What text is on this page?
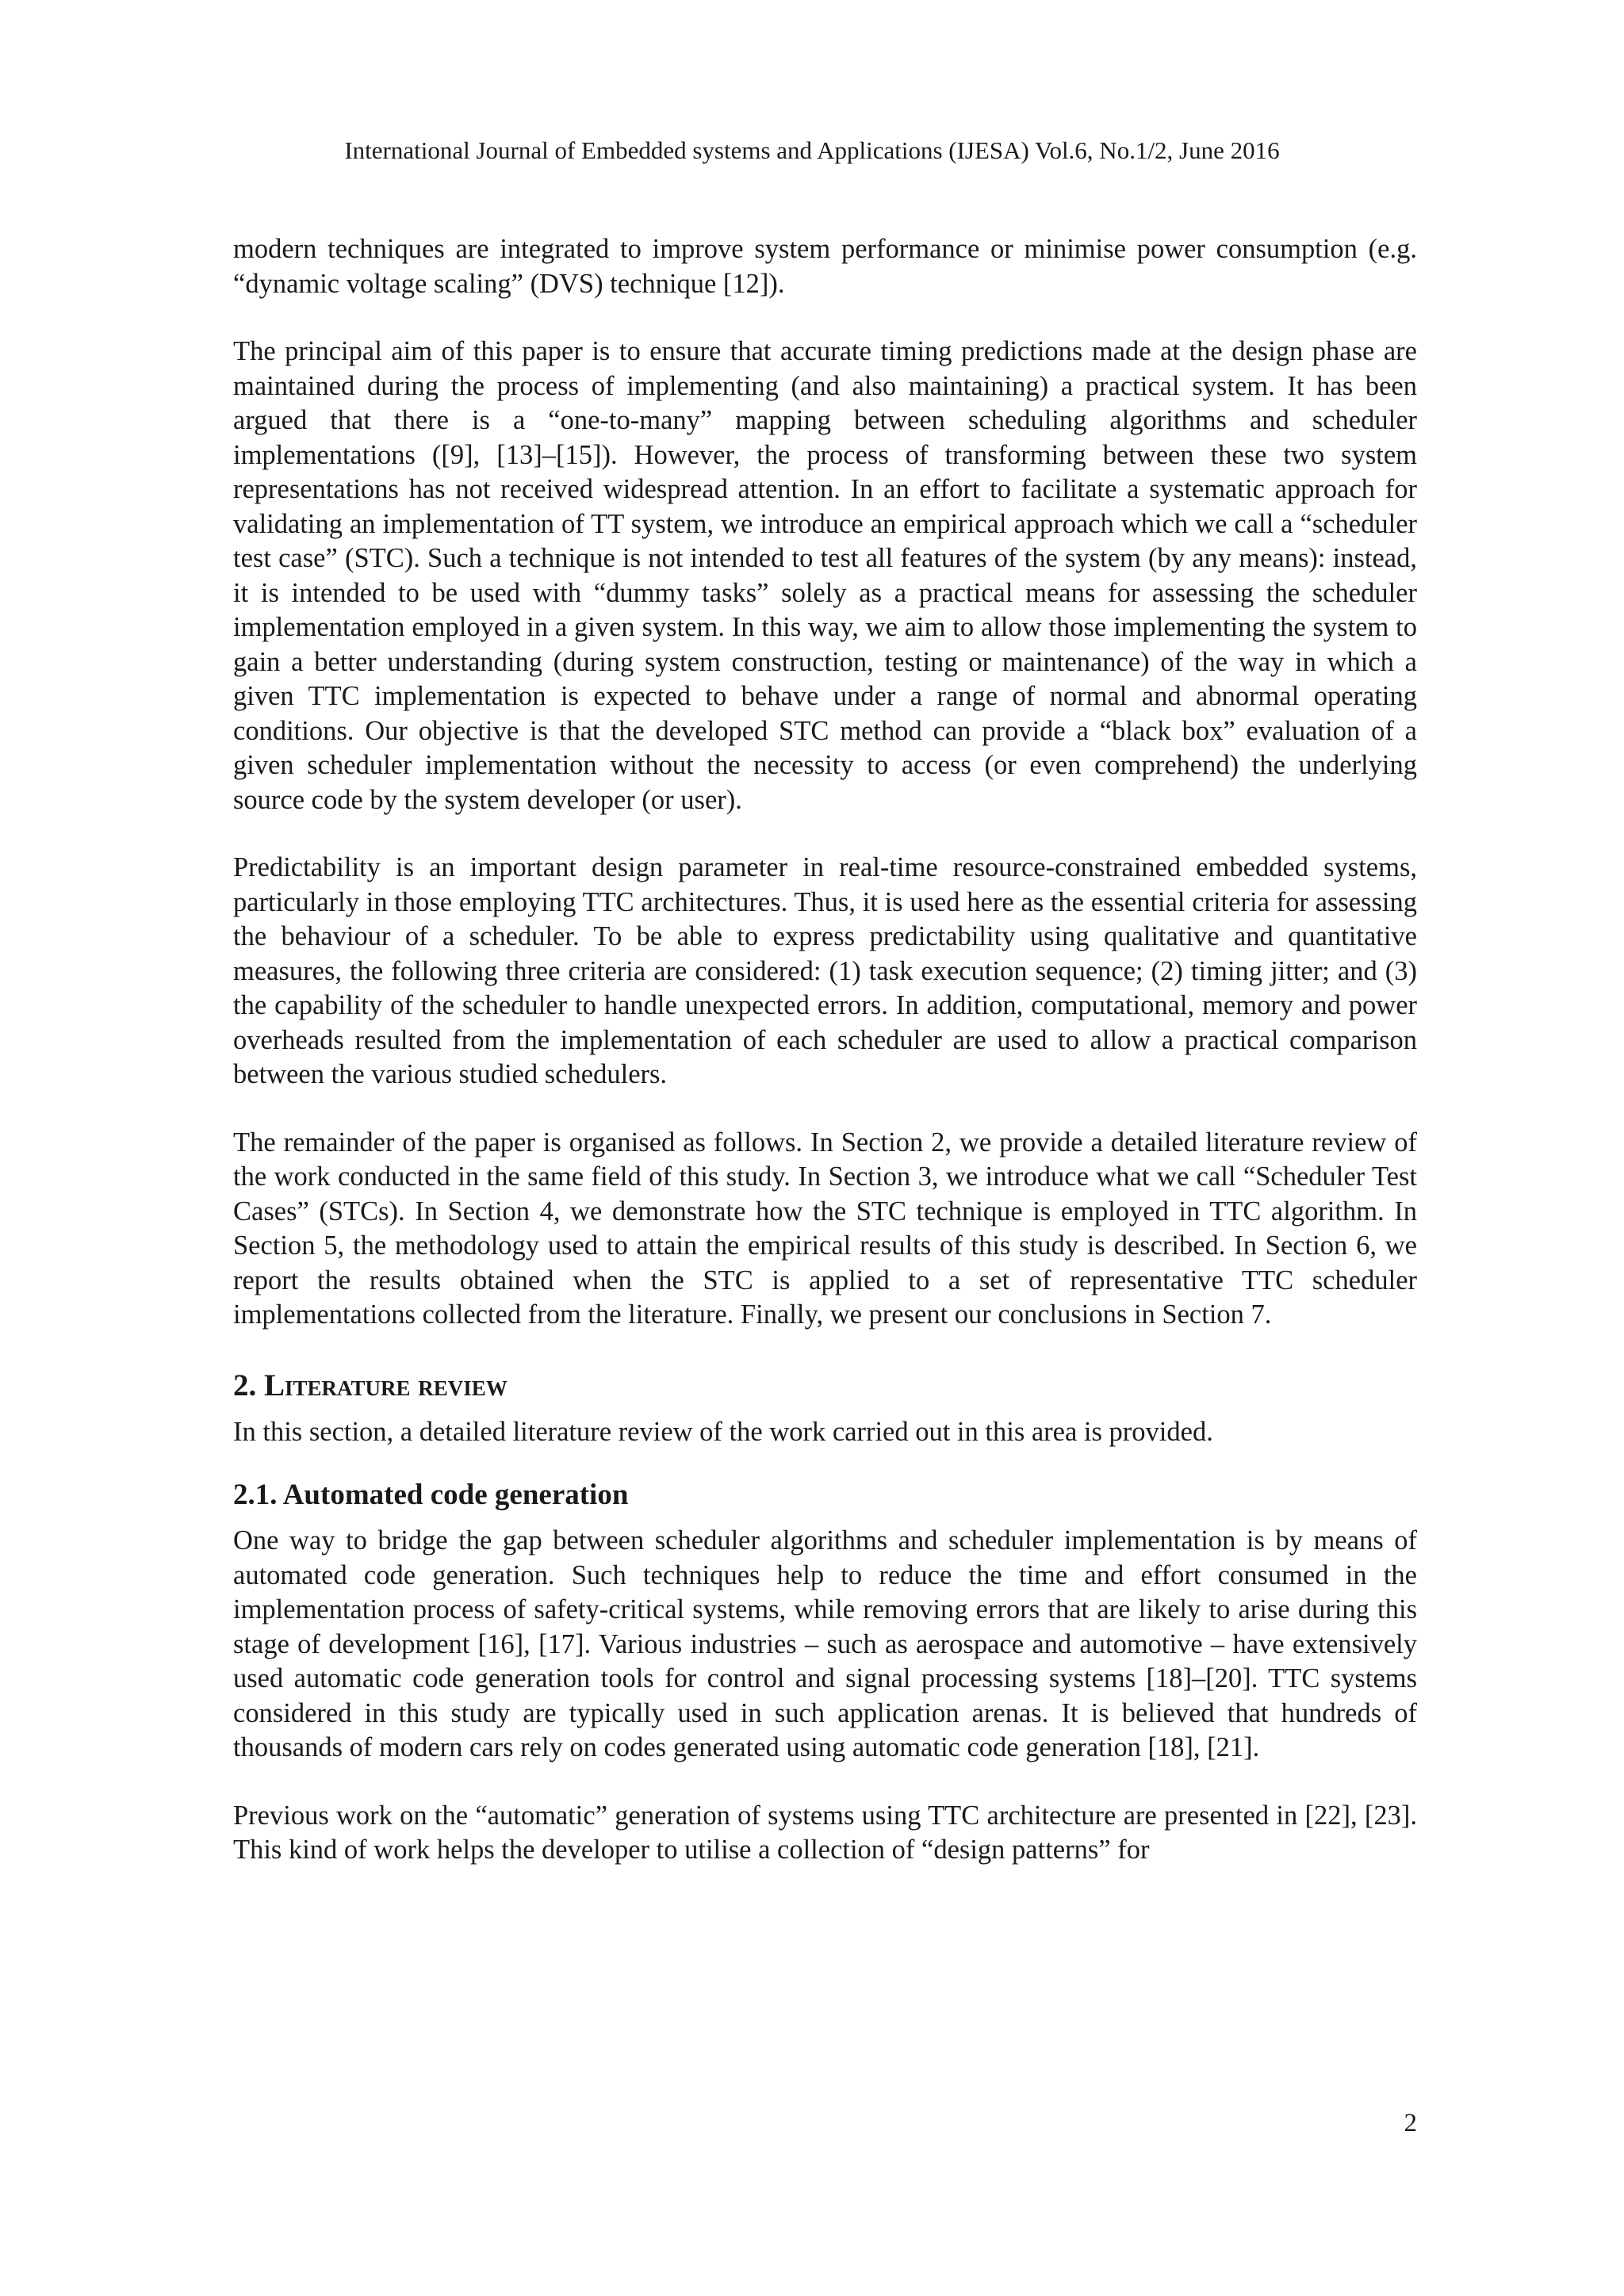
International Journal of Embedded systems and Applications (IJESA) Vol.6, No.1/2, June 2016

modern techniques are integrated to improve system performance or minimise power consumption (e.g. “dynamic voltage scaling” (DVS) technique [12]).

The principal aim of this paper is to ensure that accurate timing predictions made at the design phase are maintained during the process of implementing (and also maintaining) a practical system. It has been argued that there is a “one-to-many” mapping between scheduling algorithms and scheduler implementations ([9], [13]–[15]). However, the process of transforming between these two system representations has not received widespread attention. In an effort to facilitate a systematic approach for validating an implementation of TT system, we introduce an empirical approach which we call a “scheduler test case” (STC). Such a technique is not intended to test all features of the system (by any means): instead, it is intended to be used with “dummy tasks” solely as a practical means for assessing the scheduler implementation employed in a given system. In this way, we aim to allow those implementing the system to gain a better understanding (during system construction, testing or maintenance) of the way in which a given TTC implementation is expected to behave under a range of normal and abnormal operating conditions. Our objective is that the developed STC method can provide a “black box” evaluation of a given scheduler implementation without the necessity to access (or even comprehend) the underlying source code by the system developer (or user).

Predictability is an important design parameter in real-time resource-constrained embedded systems, particularly in those employing TTC architectures. Thus, it is used here as the essential criteria for assessing the behaviour of a scheduler. To be able to express predictability using qualitative and quantitative measures, the following three criteria are considered: (1) task execution sequence; (2) timing jitter; and (3) the capability of the scheduler to handle unexpected errors. In addition, computational, memory and power overheads resulted from the implementation of each scheduler are used to allow a practical comparison between the various studied schedulers.

The remainder of the paper is organised as follows. In Section 2, we provide a detailed literature review of the work conducted in the same field of this study. In Section 3, we introduce what we call “Scheduler Test Cases” (STCs). In Section 4, we demonstrate how the STC technique is employed in TTC algorithm. In Section 5, the methodology used to attain the empirical results of this study is described. In Section 6, we report the results obtained when the STC is applied to a set of representative TTC scheduler implementations collected from the literature. Finally, we present our conclusions in Section 7.

2. Literature review

In this section, a detailed literature review of the work carried out in this area is provided.

2.1. Automated code generation

One way to bridge the gap between scheduler algorithms and scheduler implementation is by means of automated code generation. Such techniques help to reduce the time and effort consumed in the implementation process of safety-critical systems, while removing errors that are likely to arise during this stage of development [16], [17]. Various industries – such as aerospace and automotive – have extensively used automatic code generation tools for control and signal processing systems [18]–[20]. TTC systems considered in this study are typically used in such application arenas. It is believed that hundreds of thousands of modern cars rely on codes generated using automatic code generation [18], [21].

Previous work on the “automatic” generation of systems using TTC architecture are presented in [22], [23]. This kind of work helps the developer to utilise a collection of “design patterns” for

2
